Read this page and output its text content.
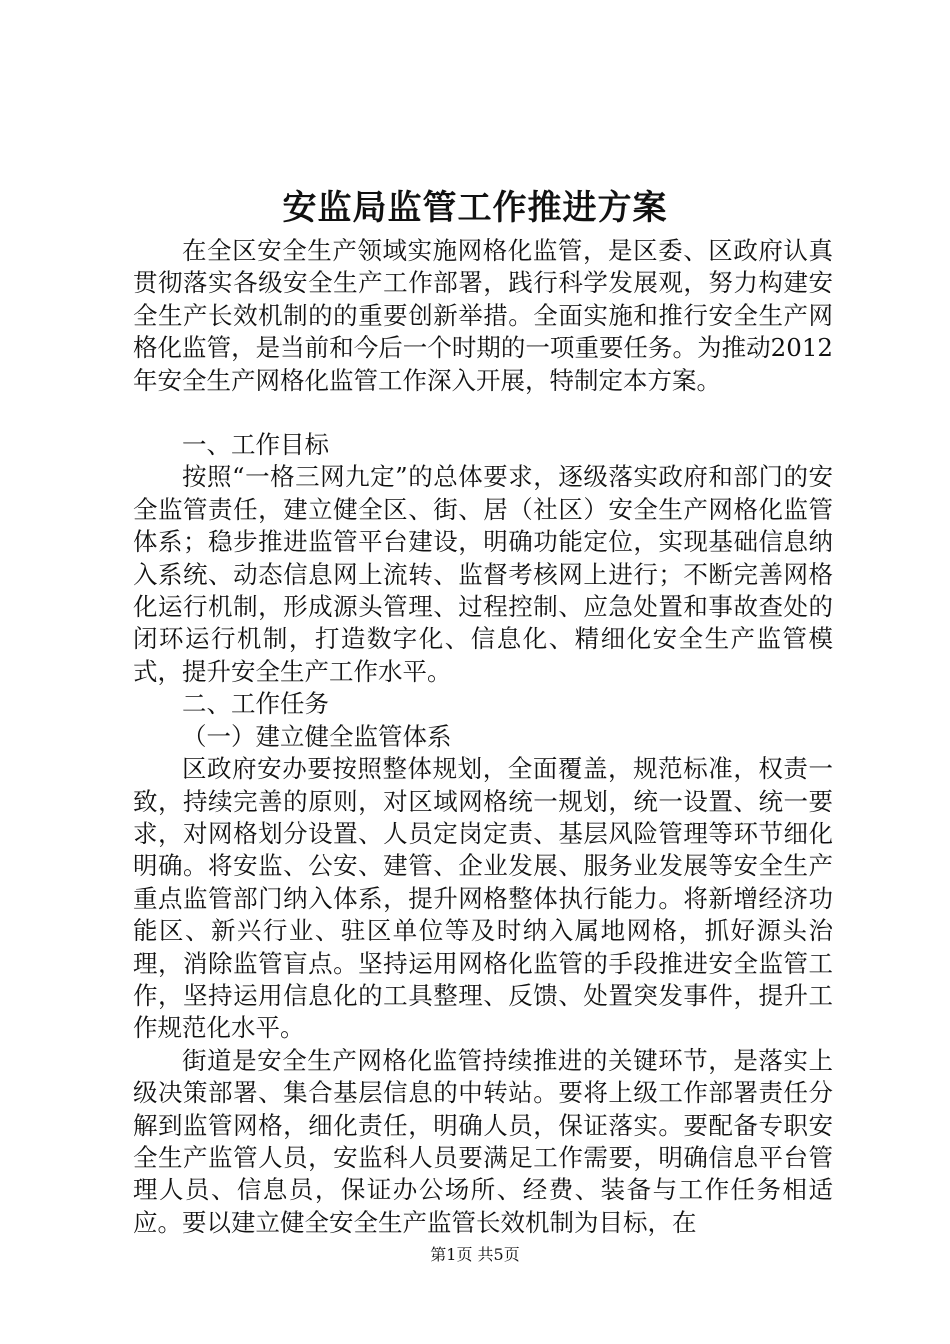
安监局监管工作推进方案

在全区安全生产领域实施网格化监管，是区委、区政府认真贯彻落实各级安全生产工作部署，践行科学发展观，努力构建安全生产长效机制的的重要创新举措。全面实施和推行安全生产网格化监管，是当前和今后一个时期的一项重要任务。为推动2012年安全生产网格化监管工作深入开展，特制定本方案。

一、工作目标

按照“一格三网九定”的总体要求，逐级落实政府和部门的安全监管责任，建立健全区、街、居（社区）安全生产网格化监管体系；稳步推进监管平台建设，明确功能定位，实现基础信息纳入系统、动态信息网上流转、监督考核网上进行；不断完善网格化运行机制，形成源头管理、过程控制、应急处置和事故查处的闭环运行机制，打造数字化、信息化、精细化安全生产监管模式，提升安全生产工作水平。

二、工作任务

（一）建立健全监管体系

区政府安办要按照整体规划，全面覆盖，规范标准，权责一致，持续完善的原则，对区域网格统一规划，统一设置、统一要求，对网格划分设置、人员定岗定责、基层风险管理等环节细化明确。将安监、公安、建管、企业发展、服务业发展等安全生产重点监管部门纳入体系，提升网格整体执行能力。将新增经济功能区、新兴行业、驻区单位等及时纳入属地网格，抓好源头治理，消除监管盲点。坚持运用网格化监管的手段推进安全监管工作，坚持运用信息化的工具整理、反馈、处置突发事件，提升工作规范化水平。

街道是安全生产网格化监管持续推进的关键环节，是落实上级决策部署、集合基层信息的中转站。要将上级工作部署责任分解到监管网格，细化责任，明确人员，保证落实。要配备专职安全生产监管人员，安监科人员要满足工作需要，明确信息平台管理人员、信息员，保证办公场所、经费、装备与工作任务相适应。要以建立健全安全生产监管长效机制为目标，在

第1页 共5页
